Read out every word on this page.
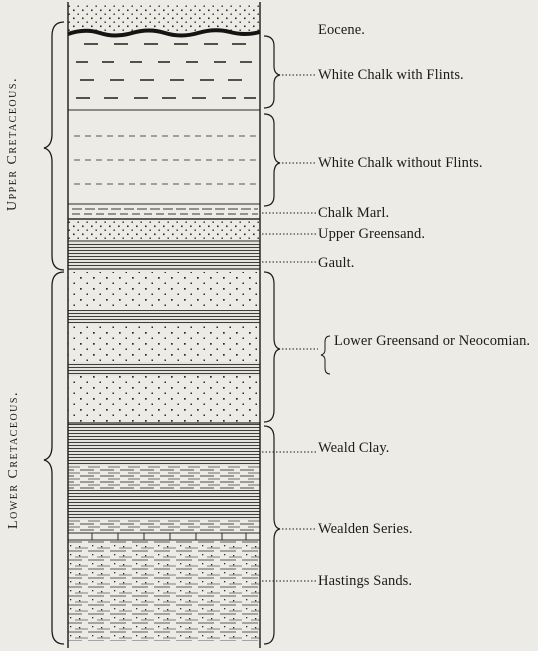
Upper Cretaceous.
Lower Cretaceous.
Eocene.
White Chalk with Flints.
White Chalk without Flints.
Chalk Marl.
Upper Greensand.
Gault.
Lower Greensand or Neocomian.
Weald Clay.
Wealden Series.
Hastings Sands.
